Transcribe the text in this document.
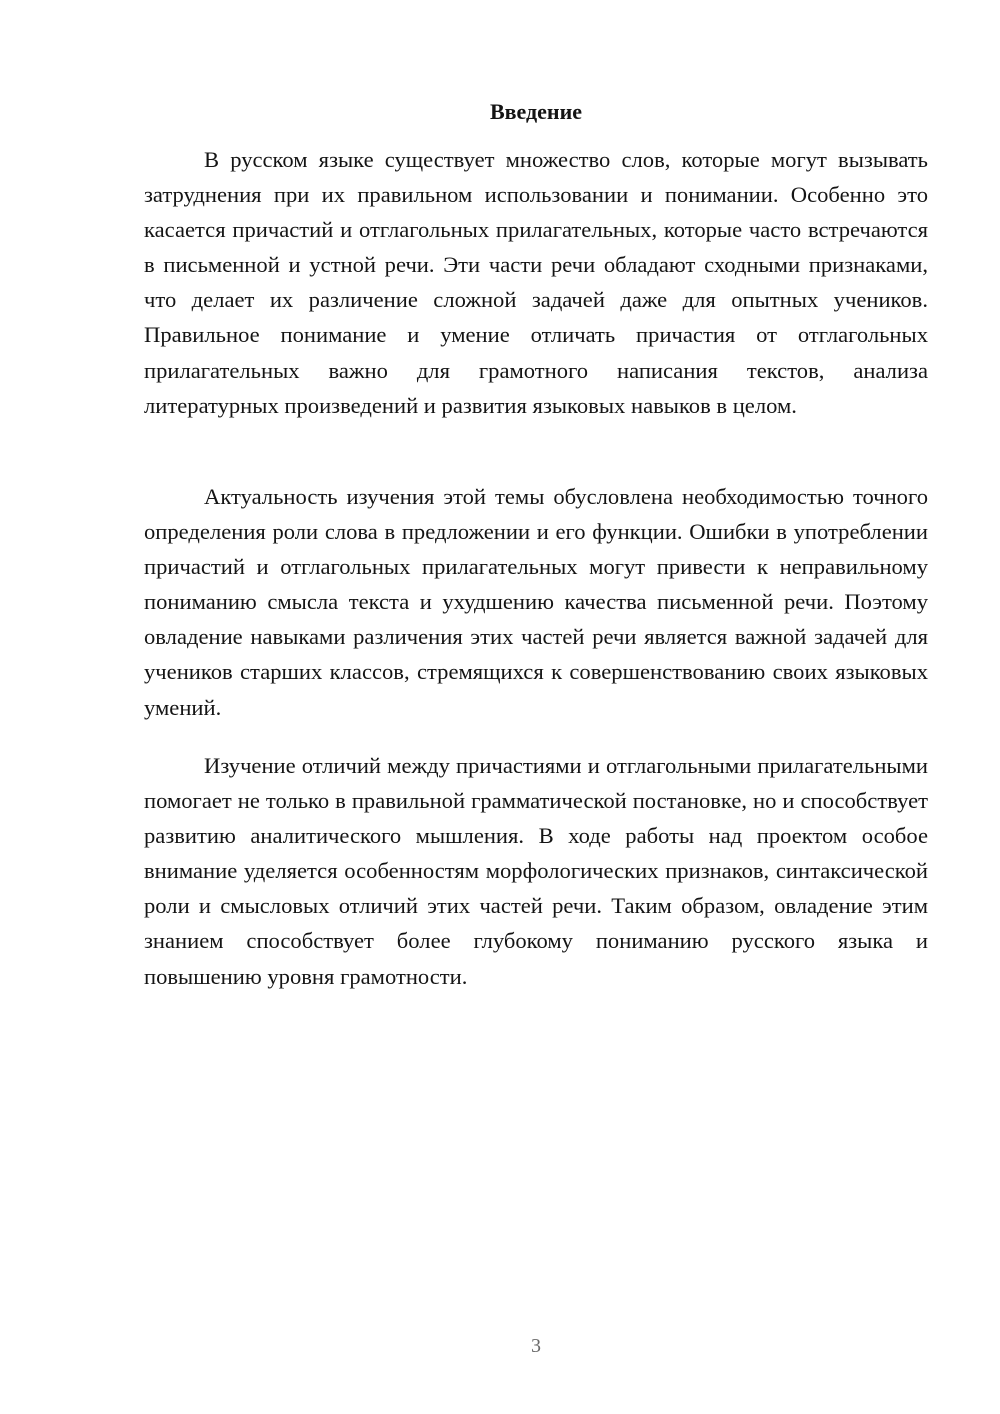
Введение

В русском языке существует множество слов, которые могут вызывать затруднения при их правильном использовании и понимании. Особенно это касается причастий и отглагольных прилагательных, которые часто встречаются в письменной и устной речи. Эти части речи обладают сходными признаками, что делает их различение сложной задачей даже для опытных учеников. Правильное понимание и умение отличать причастия от отглагольных прилагательных важно для грамотного написания текстов, анализа литературных произведений и развития языковых навыков в целом.

Актуальность изучения этой темы обусловлена необходимостью точного определения роли слова в предложении и его функции. Ошибки в употреблении причастий и отглагольных прилагательных могут привести к неправильному пониманию смысла текста и ухудшению качества письменной речи. Поэтому овладение навыками различения этих частей речи является важной задачей для учеников старших классов, стремящихся к совершенствованию своих языковых умений.

Изучение отличий между причастиями и отглагольными прилагательными помогает не только в правильной грамматической постановке, но и способствует развитию аналитического мышления. В ходе работы над проектом особое внимание уделяется особенностям морфологических признаков, синтаксической роли и смысловых отличий этих частей речи. Таким образом, овладение этим знанием способствует более глубокому пониманию русского языка и повышению уровня грамотности.

3
